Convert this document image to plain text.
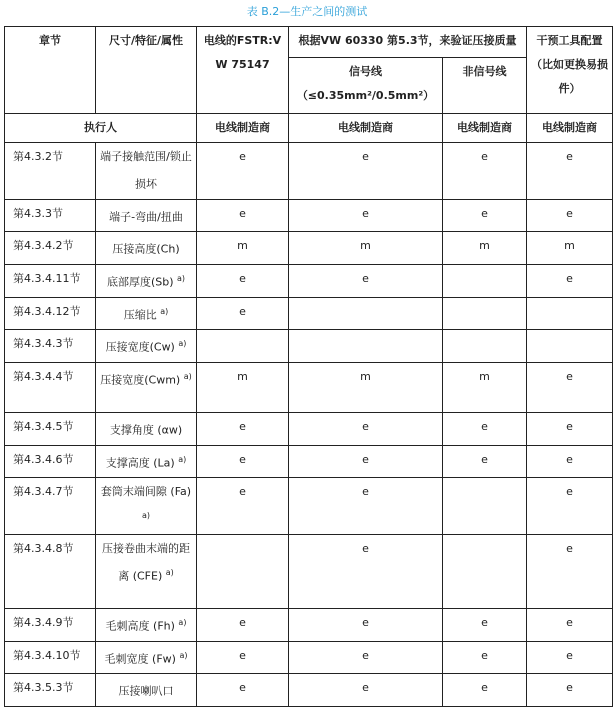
表 B.2—生产之间的测试
章节	尺寸/特征/属性	电线的FSTR:VW 75147	根据VW 60330 第5.3节，来验证压接质量		干预工具配置（比如更换易损件）
			信号线（≤0.35mm²/0.5mm²）	非信号线	
执行人		电线制造商	电线制造商	电线制造商	电线制造商
第4.3.2节	端子接触范围/锁止损坏	e	e	e	e
第4.3.3节	端子-弯曲/扭曲	e	e	e	e
第4.3.4.2节	压接高度(Ch)	m	m	m	m
第4.3.4.11节	底部厚度(Sb) $^{a)}$	e	e		e
第4.3.4.12节	压缩比 $^{a)}$	e			
第4.3.4.3节	压接宽度(Cw) $^{a)}$				
第4.3.4.4节	压接宽度(Cwm) $^{a)}$	m	m	m	e
第4.3.4.5节	支撑角度 (αw)	e	e	e	e
第4.3.4.6节	支撑高度 (La) $^{a)}$	e	e	e	e
第4.3.4.7节	套筒末端间隙 (Fa) $^{a)}$	e	e		e
第4.3.4.8节	压接卷曲末端的距离 (CFE) $^{a)}$		e		e
第4.3.4.9节	毛刺高度 (Fh) $^{a)}$	e	e	e	e
第4.3.4.10节	毛刺宽度 (Fw) $^{a)}$	e	e	e	e
第4.3.5.3节	压接喇叭口	e	e	e	e
